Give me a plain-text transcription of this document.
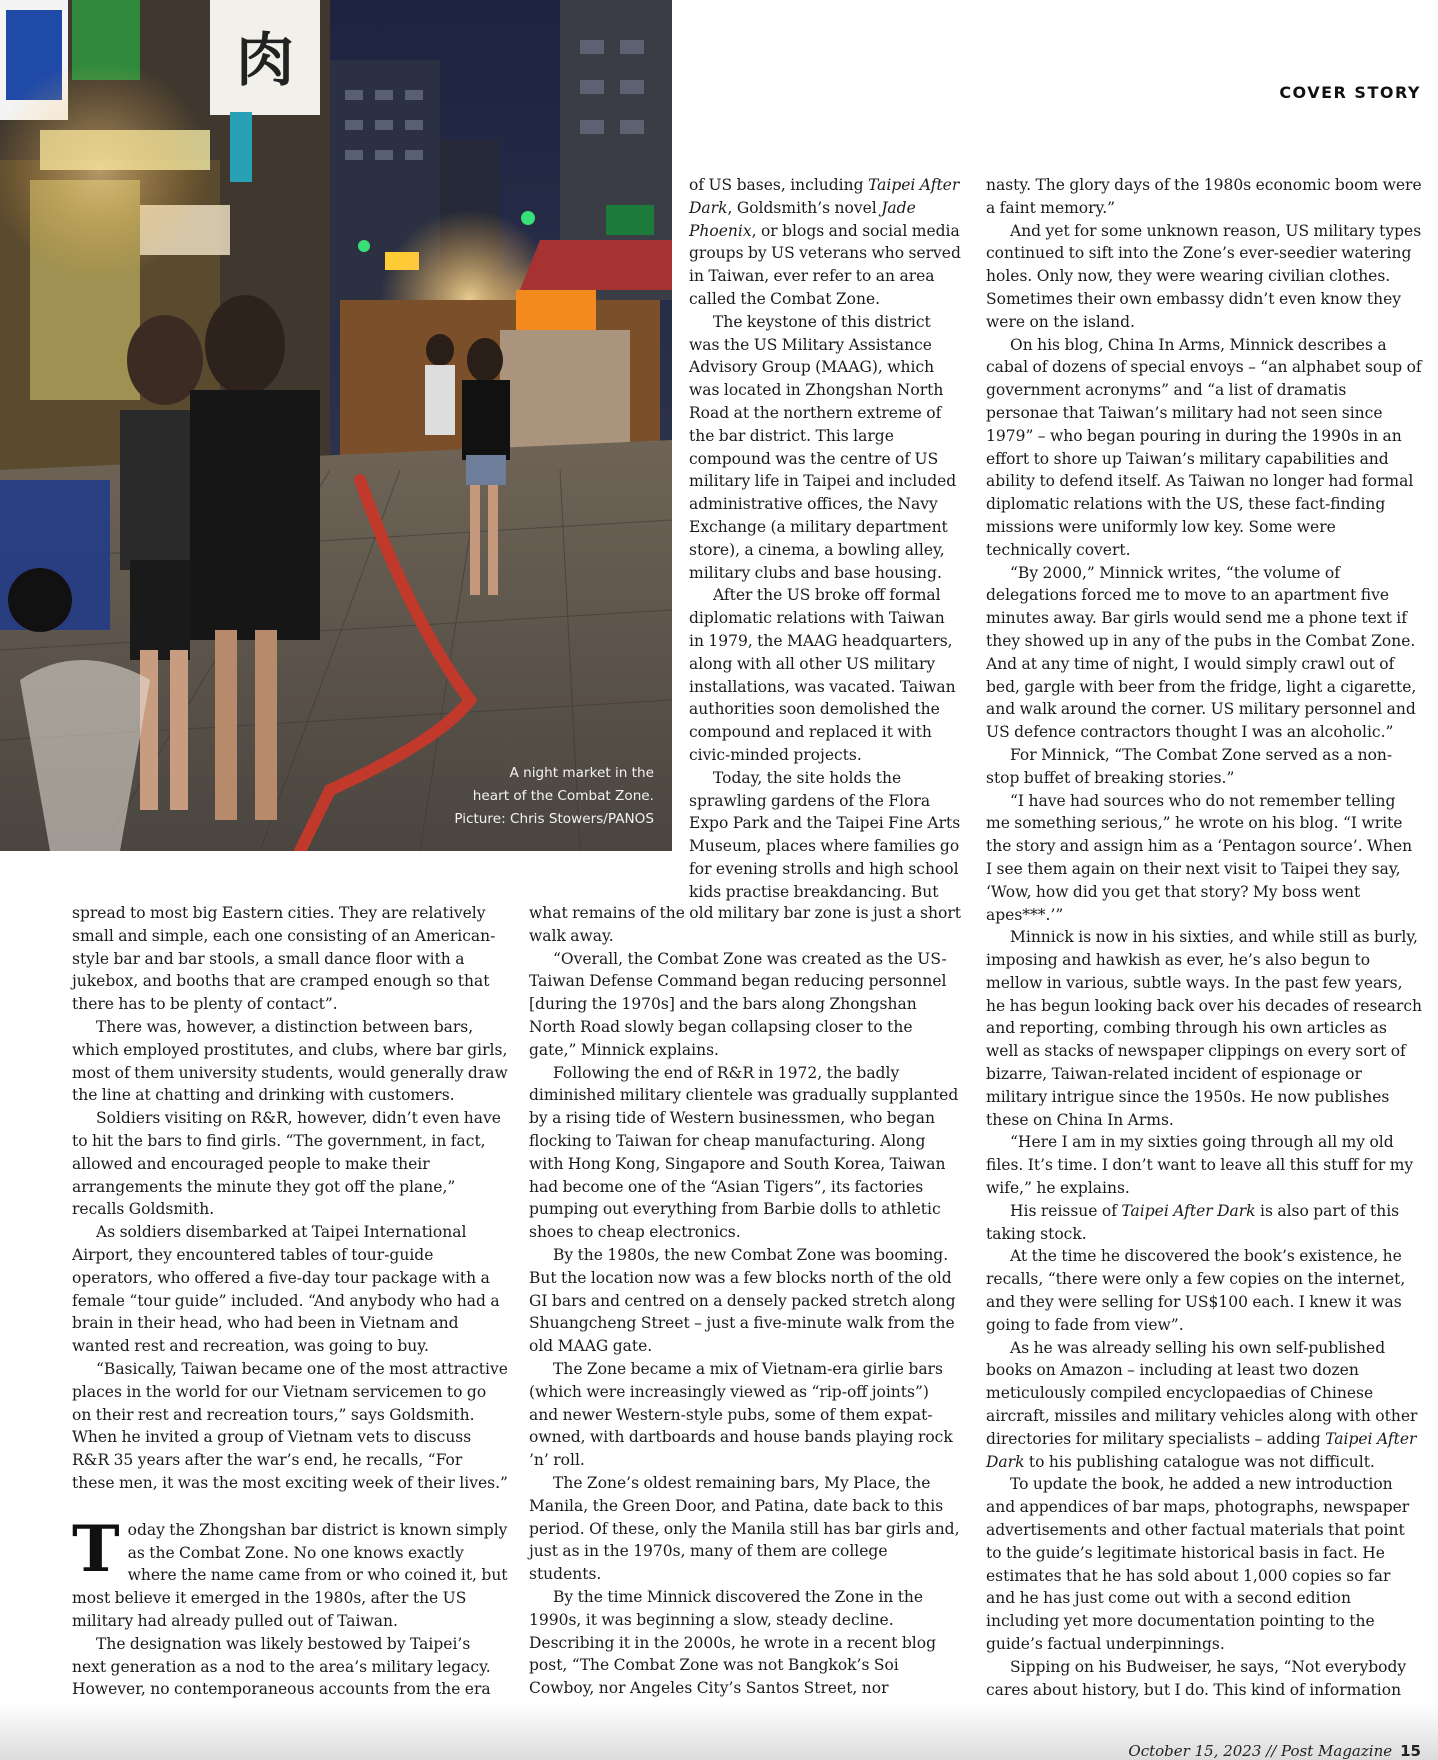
肉
A night market in the
heart of the Combat Zone.
Picture: Chris Stowers/PANOS
COVER STORY

of US bases, including Taipei After Dark, Goldsmith’s novel Jade Phoenix, or blogs and social media groups by US veterans who served in Taiwan, ever refer to an area called the Combat Zone.

The keystone of this district was the US Military Assistance Advisory Group (MAAG), which was located in Zhongshan North Road at the northern extreme of the bar district. This large compound was the centre of US military life in Taipei and included administrative offices, the Navy Exchange (a military department store), a cinema, a bowling alley, military clubs and base housing.

After the US broke off formal diplomatic relations with Taiwan in 1979, the MAAG headquarters, along with all other US military installations, was vacated. Taiwan authorities soon demolished the compound and replaced it with civic-minded projects.

Today, the site holds the sprawling gardens of the Flora Expo Park and the Taipei Fine Arts Museum, places where families go for evening strolls and high school kids practise breakdancing. But

spread to most big Eastern cities. They are relatively small and simple, each one consisting of an American-style bar and bar stools, a small dance floor with a jukebox, and booths that are cramped enough so that there has to be plenty of contact”.

There was, however, a distinction between bars, which employed prostitutes, and clubs, where bar girls, most of them university students, would generally draw the line at chatting and drinking with customers.

Soldiers visiting on R&R, however, didn’t even have to hit the bars to find girls. “The government, in fact, allowed and encouraged people to make their arrangements the minute they got off the plane,” recalls Goldsmith.

As soldiers disembarked at Taipei International Airport, they encountered tables of tour-guide operators, who offered a five-day tour package with a female “tour guide” included. “And anybody who had a brain in their head, who had been in Vietnam and wanted rest and recreation, was going to buy.

“Basically, Taiwan became one of the most attractive places in the world for our Vietnam servicemen to go on their rest and recreation tours,” says Goldsmith. When he invited a group of Vietnam vets to discuss R&R 35 years after the war’s end, he recalls, “For these men, it was the most exciting week of their lives.”

Today the Zhongshan bar district is known simply as the Combat Zone. No one knows exactly where the name came from or who coined it, but most believe it emerged in the 1980s, after the US military had already pulled out of Taiwan.

The designation was likely bestowed by Taipei’s next generation as a nod to the area’s military legacy. However, no contemporaneous accounts from the era

what remains of the old military bar zone is just a short walk away.

“Overall, the Combat Zone was created as the US-Taiwan Defense Command began reducing personnel [during the 1970s] and the bars along Zhongshan North Road slowly began collapsing closer to the gate,” Minnick explains.

Following the end of R&R in 1972, the badly diminished military clientele was gradually supplanted by a rising tide of Western businessmen, who began flocking to Taiwan for cheap manufacturing. Along with Hong Kong, Singapore and South Korea, Taiwan had become one of the “Asian Tigers”, its factories pumping out everything from Barbie dolls to athletic shoes to cheap electronics.

By the 1980s, the new Combat Zone was booming. But the location now was a few blocks north of the old GI bars and centred on a densely packed stretch along Shuangcheng Street – just a five-minute walk from the old MAAG gate.

The Zone became a mix of Vietnam-era girlie bars (which were increasingly viewed as “rip-off joints”) and newer Western-style pubs, some of them expat-owned, with dartboards and house bands playing rock ’n’ roll.

The Zone’s oldest remaining bars, My Place, the Manila, the Green Door, and Patina, date back to this period. Of these, only the Manila still has bar girls and, just as in the 1970s, many of them are college students.

By the time Minnick discovered the Zone in the 1990s, it was beginning a slow, steady decline. Describing it in the 2000s, he wrote in a recent blog post, “The Combat Zone was not Bangkok’s Soi Cowboy, nor Angeles City’s Santos Street, nor

nasty. The glory days of the 1980s economic boom were a faint memory.”

And yet for some unknown reason, US military types continued to sift into the Zone’s ever-seedier watering holes. Only now, they were wearing civilian clothes. Sometimes their own embassy didn’t even know they were on the island.

On his blog, China In Arms, Minnick describes a cabal of dozens of special envoys – “an alphabet soup of government acronyms” and “a list of dramatis personae that Taiwan’s military had not seen since 1979” – who began pouring in during the 1990s in an effort to shore up Taiwan’s military capabilities and ability to defend itself. As Taiwan no longer had formal diplomatic relations with the US, these fact-finding missions were uniformly low key. Some were technically covert.

“By 2000,” Minnick writes, “the volume of delegations forced me to move to an apartment five minutes away. Bar girls would send me a phone text if they showed up in any of the pubs in the Combat Zone. And at any time of night, I would simply crawl out of bed, gargle with beer from the fridge, light a cigarette, and walk around the corner. US military personnel and US defence contractors thought I was an alcoholic.”

For Minnick, “The Combat Zone served as a non-stop buffet of breaking stories.”

“I have had sources who do not remember telling me something serious,” he wrote on his blog. “I write the story and assign him as a ‘Pentagon source’. When I see them again on their next visit to Taipei they say, ‘Wow, how did you get that story? My boss went apes***.’”

Minnick is now in his sixties, and while still as burly, imposing and hawkish as ever, he’s also begun to mellow in various, subtle ways. In the past few years, he has begun looking back over his decades of research and reporting, combing through his own articles as well as stacks of newspaper clippings on every sort of bizarre, Taiwan-related incident of espionage or military intrigue since the 1950s. He now publishes these on China In Arms.

“Here I am in my sixties going through all my old files. It’s time. I don’t want to leave all this stuff for my wife,” he explains.

His reissue of Taipei After Dark is also part of this taking stock.

At the time he discovered the book’s existence, he recalls, “there were only a few copies on the internet, and they were selling for US$100 each. I knew it was going to fade from view”.

As he was already selling his own self-published books on Amazon – including at least two dozen meticulously compiled encyclopaedias of Chinese aircraft, missiles and military vehicles along with other directories for military specialists – adding Taipei After Dark to his publishing catalogue was not difficult.

To update the book, he added a new introduction and appendices of bar maps, photographs, newspaper advertisements and other factual materials that point to the guide’s legitimate historical basis in fact. He estimates that he has sold about 1,000 copies so far and he has just come out with a second edition including yet more documentation pointing to the guide’s factual underpinnings.

Sipping on his Budweiser, he says, “Not everybody cares about history, but I do. This kind of information

October 15, 2023 // Post Magazine 15
